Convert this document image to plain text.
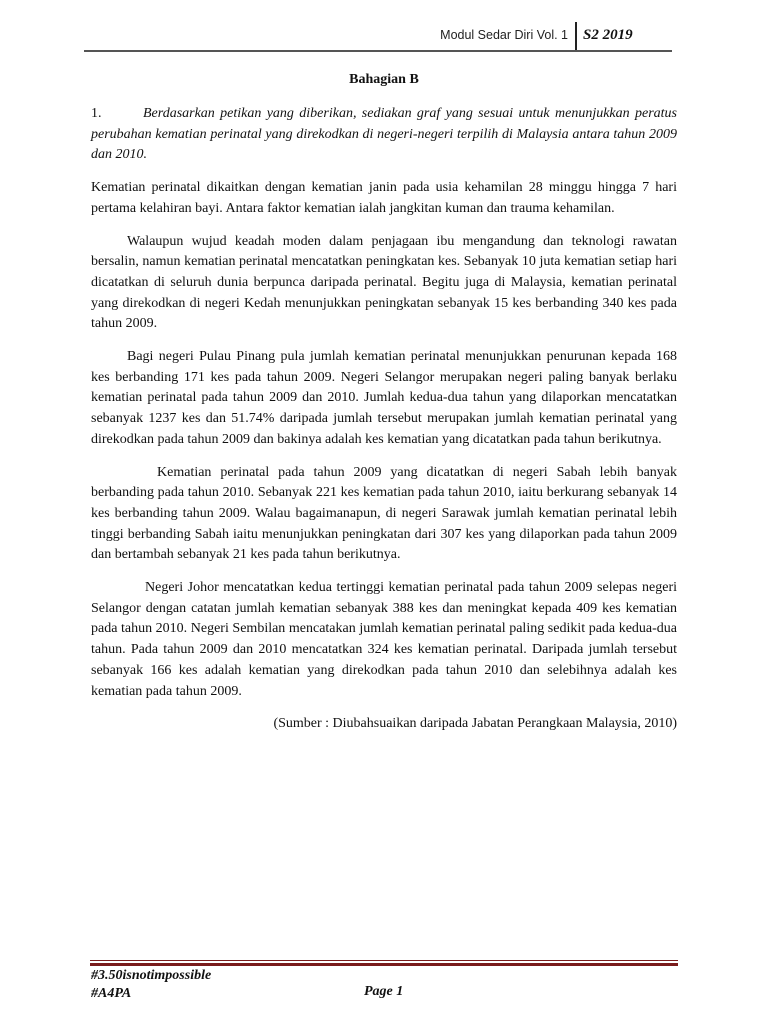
Modul Sedar Diri Vol. 1 S2 2019
Bahagian B

1.	Berdasarkan petikan yang diberikan, sediakan graf yang sesuai untuk menunjukkan peratus perubahan kematian perinatal yang direkodkan di negeri-negeri terpilih di Malaysia antara tahun 2009 dan 2010.

Kematian perinatal dikaitkan dengan kematian janin pada usia kehamilan 28 minggu hingga 7 hari pertama kelahiran bayi. Antara faktor kematian ialah jangkitan kuman dan trauma kehamilan.

Walaupun wujud keadah moden dalam penjagaan ibu mengandung dan teknologi rawatan bersalin, namun kematian perinatal mencatatkan peningkatan kes. Sebanyak 10 juta kematian setiap hari dicatatkan di seluruh dunia berpunca daripada perinatal. Begitu juga di Malaysia, kematian perinatal yang direkodkan di negeri Kedah menunjukkan peningkatan sebanyak 15 kes berbanding 340 kes pada tahun 2009.

Bagi negeri Pulau Pinang pula jumlah kematian perinatal menunjukkan penurunan kepada 168 kes berbanding 171 kes pada tahun 2009. Negeri Selangor merupakan negeri paling banyak berlaku kematian perinatal pada tahun 2009 dan 2010. Jumlah kedua-dua tahun yang dilaporkan mencatatkan sebanyak 1237 kes dan 51.74% daripada jumlah tersebut merupakan jumlah kematian perinatal yang direkodkan pada tahun 2009 dan bakinya adalah kes kematian yang dicatatkan pada tahun berikutnya.

Kematian perinatal pada tahun 2009 yang dicatatkan di negeri Sabah lebih banyak berbanding pada tahun 2010. Sebanyak 221 kes kematian pada tahun 2010, iaitu berkurang sebanyak 14 kes berbanding tahun 2009. Walau bagaimanapun, di negeri Sarawak jumlah kematian perinatal lebih tinggi berbanding Sabah iaitu menunjukkan peningkatan dari 307 kes yang dilaporkan pada tahun 2009 dan bertambah sebanyak 21 kes pada tahun berikutnya.

Negeri Johor mencatatkan kedua tertinggi kematian perinatal pada tahun 2009 selepas negeri Selangor dengan catatan jumlah kematian sebanyak 388 kes dan meningkat kepada 409 kes kematian pada tahun 2010. Negeri Sembilan mencatakan jumlah kematian perinatal paling sedikit pada kedua-dua tahun. Pada tahun 2009 dan 2010 mencatatkan 324 kes kematian perinatal. Daripada jumlah tersebut sebanyak 166 kes adalah kematian yang direkodkan pada tahun 2010 dan selebihnya adalah kes kematian pada tahun 2009.

(Sumber : Diubahsuaikan daripada Jabatan Perangkaan Malaysia, 2010)

#3.50isnotimpossible
#A4PA	Page 1
